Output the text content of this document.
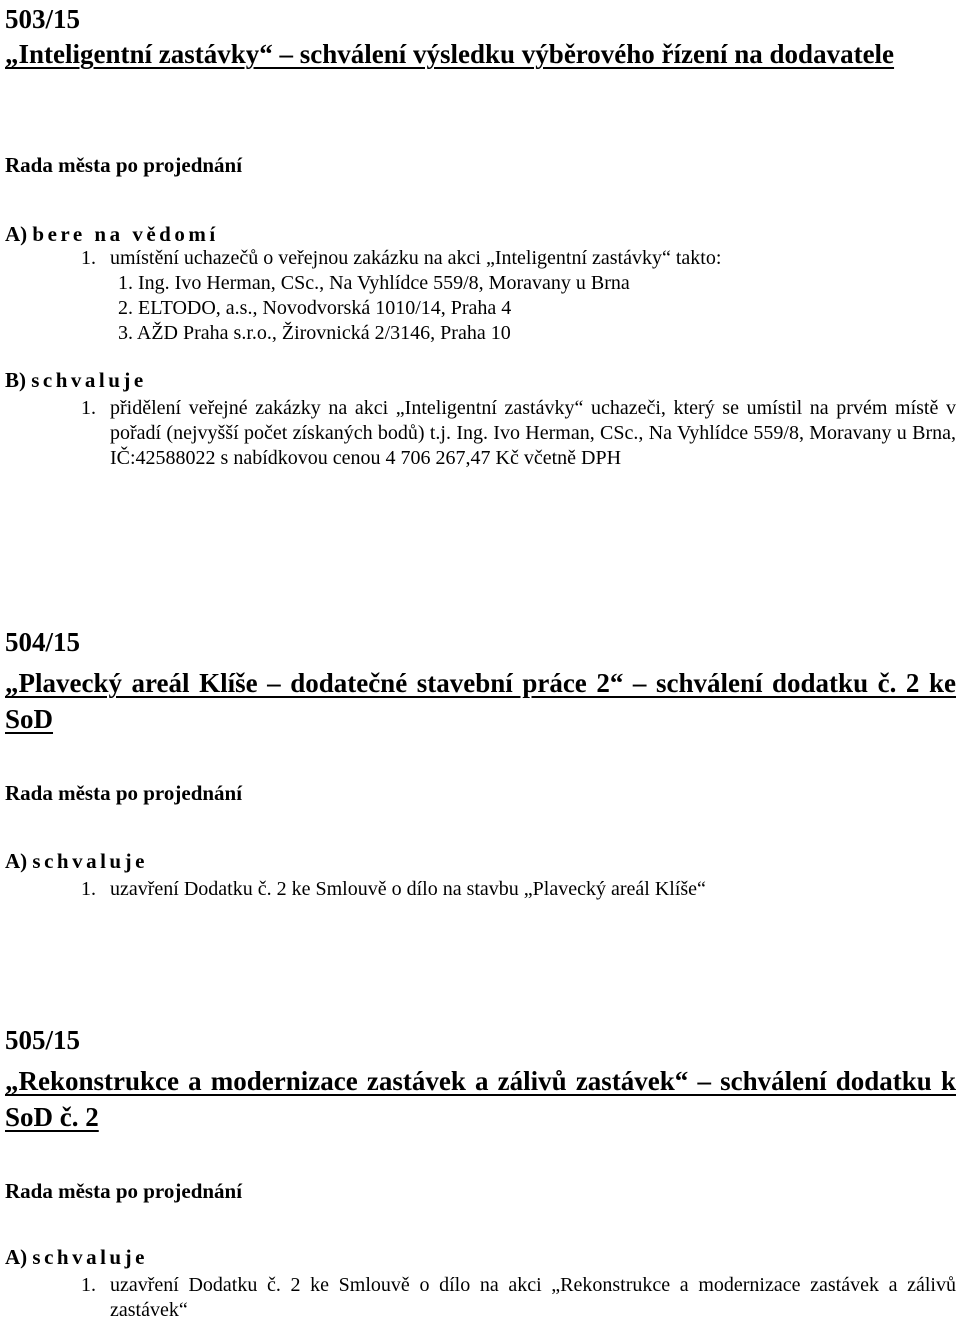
503/15

„Inteligentní zastávky“ – schválení výsledku výběrového řízení na dodavatele

Rada města po projednání

A) bere na vědomí

1. umístění uchazečů o veřejnou zakázku na akci „Inteligentní zastávky“ takto:

1. Ing. Ivo Herman, CSc., Na Vyhlídce 559/8, Moravany u Brna

2. ELTODO, a.s., Novodvorská 1010/14, Praha 4

3. AŽD Praha s.r.o., Žirovnická 2/3146, Praha 10

B) schvaluje

1. přidělení veřejné zakázky na akci „Inteligentní zastávky“ uchazeči, který se umístil na prvém místě v pořadí (nejvyšší počet získaných bodů) t.j. Ing. Ivo Herman, CSc., Na Vyhlídce 559/8, Moravany u Brna, IČ:42588022 s nabídkovou cenou 4 706 267,47 Kč včetně DPH

504/15

„Plavecký areál Klíše – dodatečné stavební práce 2“ – schválení dodatku č. 2 ke SoD

Rada města po projednání

A) schvaluje

1. uzavření Dodatku č. 2 ke Smlouvě o dílo na stavbu „Plavecký areál Klíše“

505/15

„Rekonstrukce a modernizace zastávek a zálivů zastávek“ – schválení dodatku k SoD č. 2

Rada města po projednání

A) schvaluje

1. uzavření Dodatku č. 2 ke Smlouvě o dílo na akci „Rekonstrukce a modernizace zastávek a zálivů zastávek“
